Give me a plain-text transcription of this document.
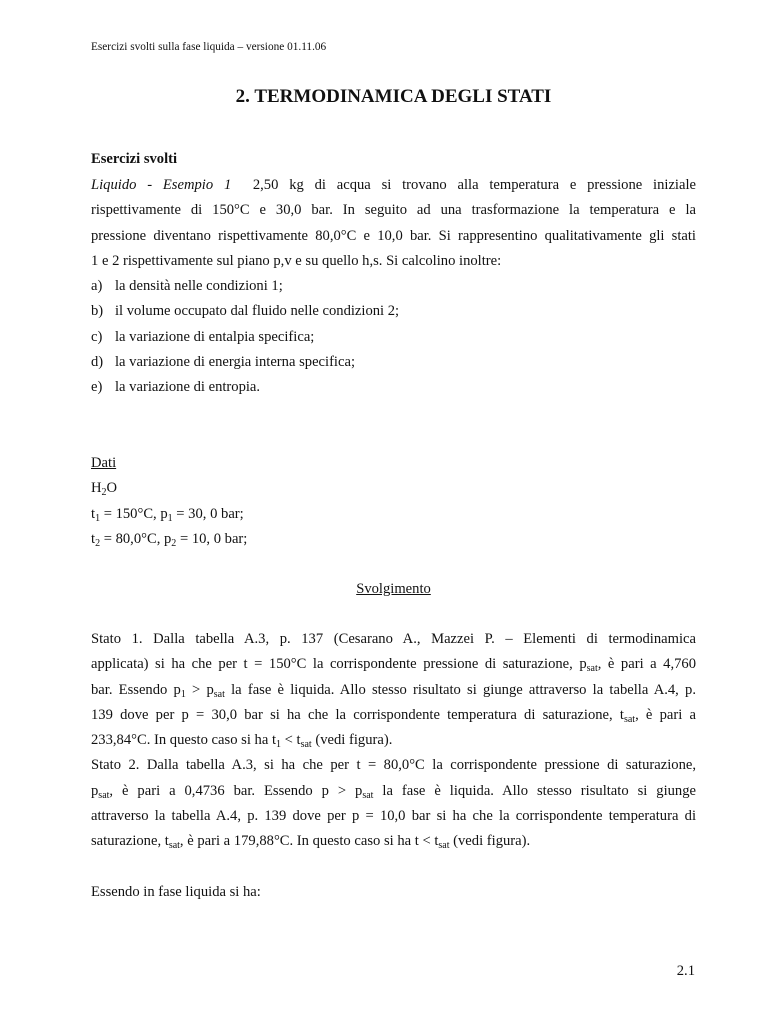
Esercizi svolti sulla fase liquida – versione 01.11.06
2. TERMODINAMICA DEGLI STATI
Esercizi svolti
Liquido - Esempio 1 2,50 kg di acqua si trovano alla temperatura e pressione iniziale
rispettivamente di 150°C e 30,0 bar. In seguito ad una trasformazione la temperatura e la
pressione diventano rispettivamente 80,0°C e 10,0 bar. Si rappresentino qualitativamente gli stati
1 e 2 rispettivamente sul piano p,v e su quello h,s. Si calcolino inoltre:
a) la densità nelle condizioni 1;
b) il volume occupato dal fluido nelle condizioni 2;
c) la variazione di entalpia specifica;
d) la variazione di energia interna specifica;
e) la variazione di entropia.
Dati
$H_2O$
$t_1 = 150^\circ C$, $p_1 = 30$, 0 bar;
$t_2 = 80,0^\circ C$, $p_2 = 10$, 0 bar;
Svolgimento
Stato 1. Dalla tabella A.3, p. 137 (Cesarano A., Mazzei P. – Elementi di termodinamica
applicata) si ha che per t = 150°C la corrispondente pressione di saturazione, $p_{sat}$, è pari a 4,760
bar. Essendo $p_1 > p_{sat}$ la fase è liquida. Allo stesso risultato si giunge attraverso la tabella A.4, p.
139 dove per p = 30,0 bar si ha che la corrispondente temperatura di saturazione, $t_{sat}$, è pari a
233,84°C. In questo caso si ha $t_1 < t_{sat}$ (vedi figura).
Stato 2. Dalla tabella A.3, si ha che per t = 80,0°C la corrispondente pressione di saturazione,
$p_{sat}$, è pari a 0,4736 bar. Essendo $p > p_{sat}$ la fase è liquida. Allo stesso risultato si giunge
attraverso la tabella A.4, p. 139 dove per p = 10,0 bar si ha che la corrispondente temperatura di
saturazione, $t_{sat}$, è pari a 179,88°C. In questo caso si ha $t < t_{sat}$ (vedi figura).
Essendo in fase liquida si ha:
2.1
